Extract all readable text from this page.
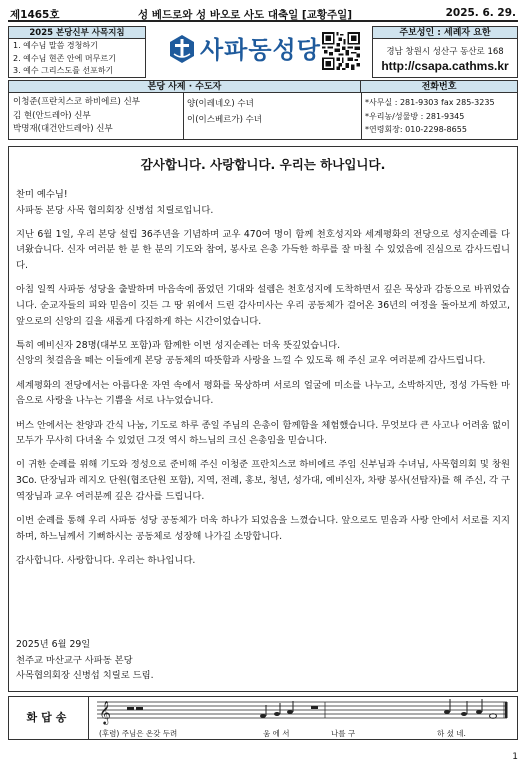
제1465호	성 베드로와 성 바오로 사도 대축일 [교황주일]	2025. 6. 29.
2025 본당신부 사목지침
1. 예수님 말씀 경청하기
2. 예수님 현존 안에 머무르기
3. 예수 그리스도를 선포하기
사파동성당
주보성인 : 세례자 요한
경남 창원시 성산구 동산로 168
http://csapa.cathms.kr
본당 사제 · 수도자	전화번호
이청준(프란치스코 하비에르) 신부
김 현(안드레아) 신부
박명재(대건안드레아) 신부
양(이레네오) 수녀
이(이스베르가) 수녀
*사무실 : 281-9303 fax 285-3235
*우리농/성물방 : 281-9345
*연령회장: 010-2298-8655
감사합니다. 사랑합니다. 우리는 하나입니다.

찬미 예수님!
사파동 본당 사목 협의회장 신병섭 치릴로입니다.

지난 6월 1일, 우리 본당 설립 36주년을 기념하며 교우 470여 명이 함께 천호성지와 세계평화의 전당으로 성지순례를 다녀왔습니다. 신자 여러분 한 분 한 분의 기도와 참여, 봉사로 은총 가득한 하루를 잘 마칠 수 있었음에 진심으로 감사드립니다.

아침 일찍 사파동 성당을 출발하며 마음속에 품었던 기대와 설렘은 천호성지에 도착하면서 깊은 묵상과 감동으로 바뀌었습니다. 순교자들의 피와 믿음이 깃든 그 땅 위에서 드린 감사미사는 우리 공동체가 걸어온 36년의 여정을 돌아보게 하였고, 앞으로의 신앙의 길을 새롭게 다짐하게 하는 시간이었습니다.

특히 예비신자 28명(대부모 포함)과 함께한 이번 성지순례는 더욱 뜻깊었습니다.
신앙의 첫걸음을 떼는 이들에게 본당 공동체의 따뜻함과 사랑을 느낄 수 있도록 해 주신 교우 여러분께 감사드립니다.

세계평화의 전당에서는 아름다운 자연 속에서 평화를 묵상하며 서로의 얼굴에 미소를 나누고, 소박하지만, 정성 가득한 마음으로 사랑을 나누는 기쁨을 서로 나누었습니다.

버스 안에서는 찬양과 간식 나눔, 기도로 하루 종일 주님의 은총이 함께함을 체험했습니다. 무엇보다 큰 사고나 어려움 없이 모두가 무사히 다녀올 수 있었던 그것 역시 하느님의 크신 은총임을 믿습니다.

이 귀한 순례를 위해 기도와 정성으로 준비해 주신 이청준 프란치스코 하비에르 주임 신부님과 수녀님, 사목협의회 및 창원 3Co. 단장님과 레지오 단원(협조단원 포함), 지역, 전례, 홍보, 청년, 성가대, 예비신자, 차량 봉사(선탑자)를 해 주신, 각 구역장님과 교우 여러분께 깊은 감사를 드립니다.

이번 순례를 통해 우리 사파동 성당 공동체가 더욱 하나가 되었음을 느꼈습니다. 앞으로도 믿음과 사랑 안에서 서로를 지지하며, 하느님께서 기뻐하시는 공동체로 성장해 나가길 소망합니다.

감사합니다. 사랑합니다. 우리는 하나입니다.

2025년 6월 29일
천주교 마산교구 사파동 본당
사목협의회장 신병섭 치릴로 드림.
화답송	𝄞
(후렴) 주님은 온갖 두려	움 에 서	나를 구	하 셨 네.
1
